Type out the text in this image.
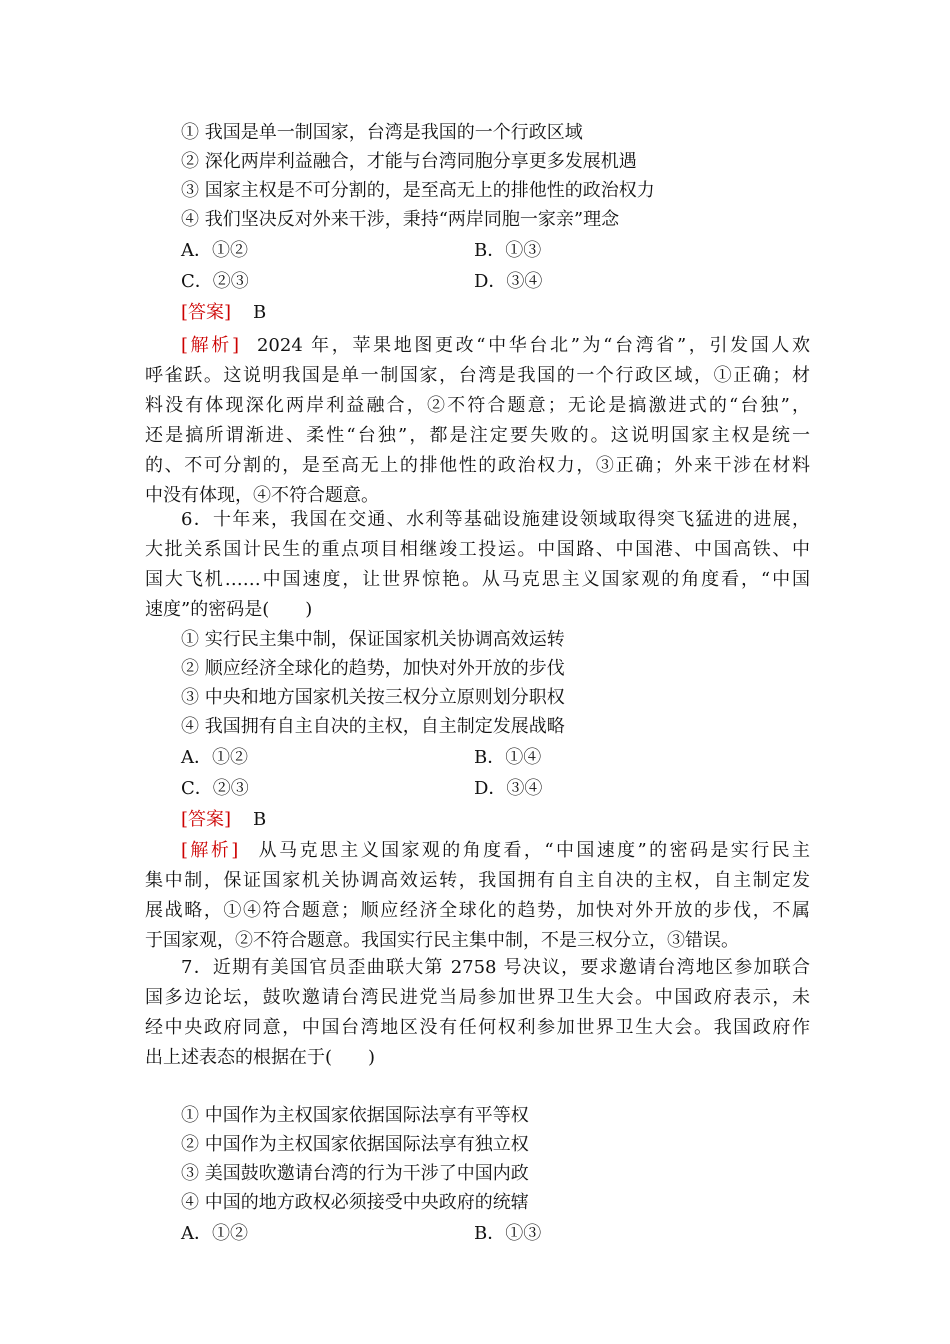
① 我国是单一制国家，台湾是我国的一个行政区域
② 深化两岸利益融合，才能与台湾同胞分享更多发展机遇
③ 国家主权是不可分割的，是至高无上的排他性的政治权力
④ 我们坚决反对外来干涉，秉持“两岸同胞一家亲”理念
A．①②	B．①③
C．②③	D．③④
[答案] B
[解析] 2024 年，苹果地图更改“中华台北”为“台湾省”，引发国人欢
呼雀跃。这说明我国是单一制国家，台湾是我国的一个行政区域，①正确；材
料没有体现深化两岸利益融合，②不符合题意；无论是搞激进式的“台独”，
还是搞所谓渐进、柔性“台独”，都是注定要失败的。这说明国家主权是统一
的、不可分割的，是至高无上的排他性的政治权力，③正确；外来干涉在材料
中没有体现，④不符合题意。
6．十年来，我国在交通、水利等基础设施建设领域取得突飞猛进的进展，
大批关系国计民生的重点项目相继竣工投运。中国路、中国港、中国高铁、中
国大飞机……中国速度，让世界惊艳。从马克思主义国家观的角度看，“中国
速度”的密码是(　　)
① 实行民主集中制，保证国家机关协调高效运转
② 顺应经济全球化的趋势，加快对外开放的步伐
③ 中央和地方国家机关按三权分立原则划分职权
④ 我国拥有自主自决的主权，自主制定发展战略
A．①②	B．①④
C．②③	D．③④
[答案] B
[解析] 从马克思主义国家观的角度看，“中国速度”的密码是实行民主
集中制，保证国家机关协调高效运转，我国拥有自主自决的主权，自主制定发
展战略，①④符合题意；顺应经济全球化的趋势，加快对外开放的步伐，不属
于国家观，②不符合题意。我国实行民主集中制，不是三权分立，③错误。
7．近期有美国官员歪曲联大第 2758 号决议，要求邀请台湾地区参加联合
国多边论坛，鼓吹邀请台湾民进党当局参加世界卫生大会。中国政府表示，未
经中央政府同意，中国台湾地区没有任何权利参加世界卫生大会。我国政府作
出上述表态的根据在于(　　)
① 中国作为主权国家依据国际法享有平等权
② 中国作为主权国家依据国际法享有独立权
③ 美国鼓吹邀请台湾的行为干涉了中国内政
④ 中国的地方政权必须接受中央政府的统辖
A．①②	B．①③
